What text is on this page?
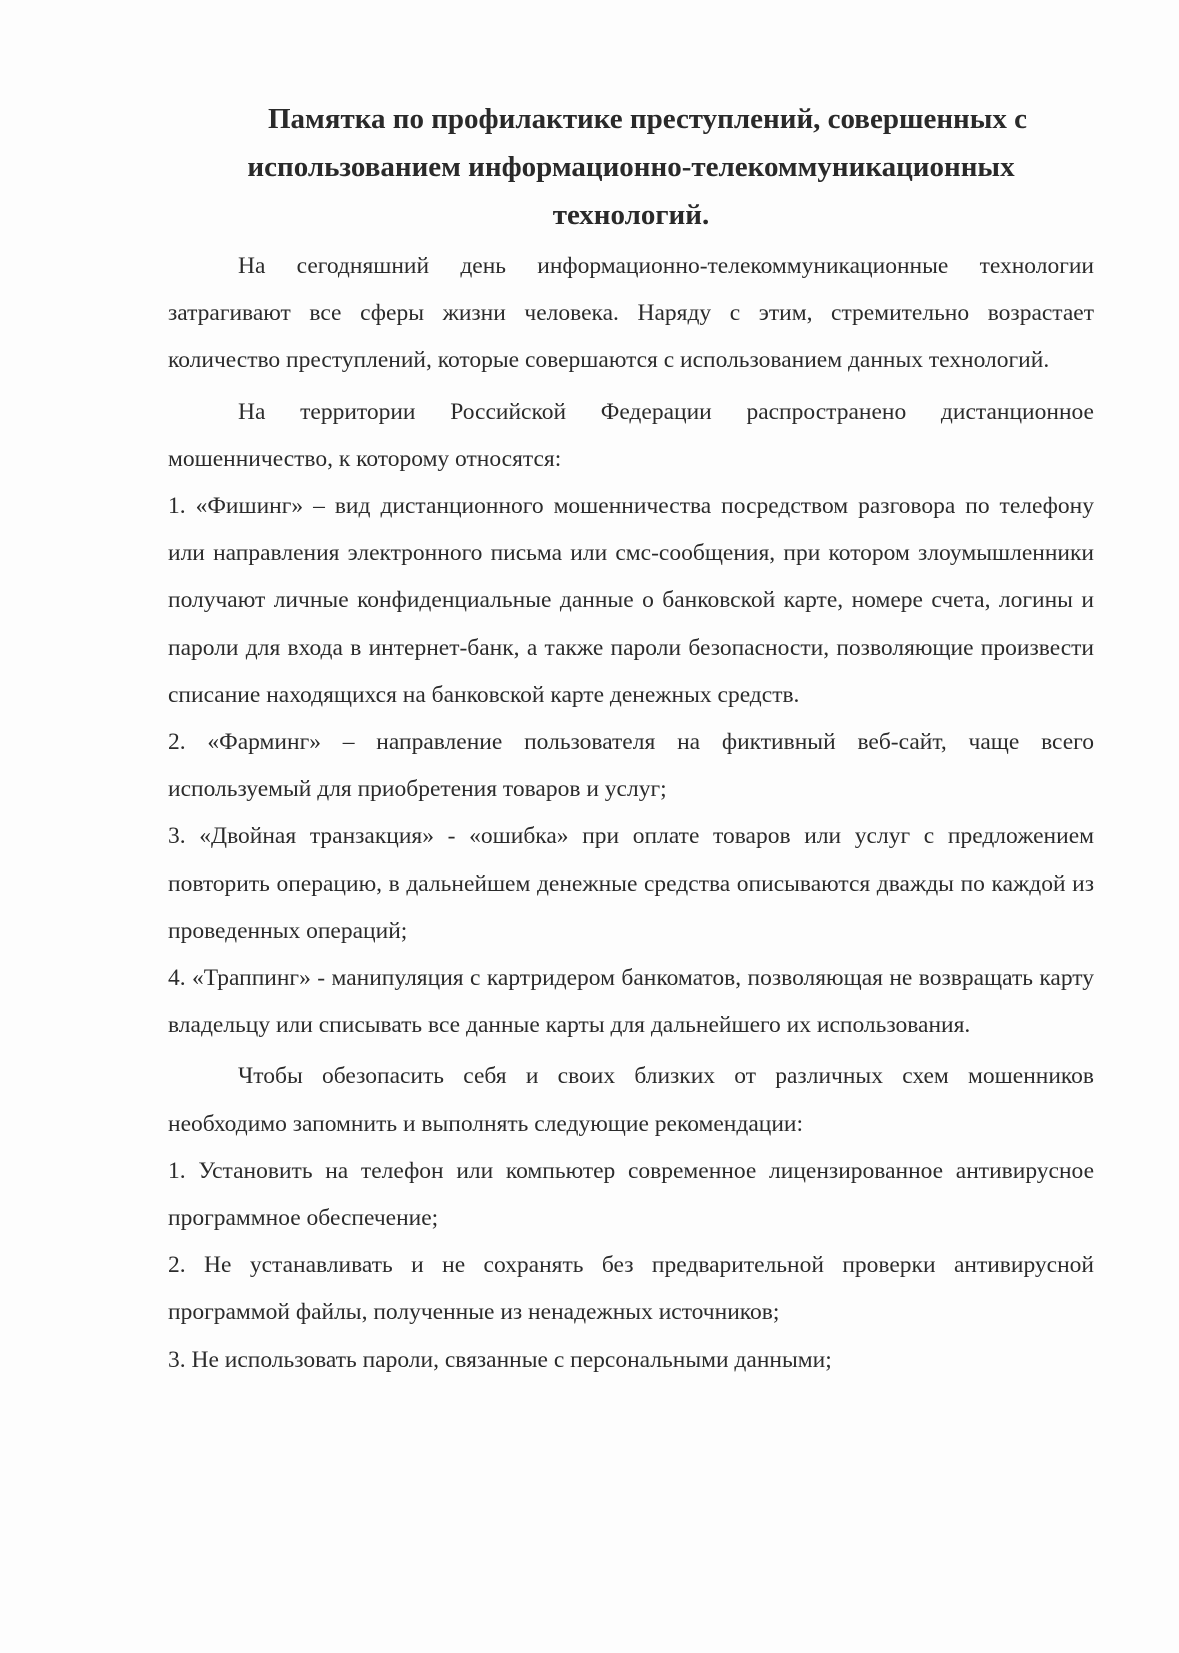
Памятка по профилактике преступлений, совершенных с
использованием информационно-телекоммуникационных
технологий.

На сегодняшний день информационно-телекоммуникационные технологии затрагивают все сферы жизни человека. Наряду с этим, стремительно возрастает количество преступлений, которые совершаются с использованием данных технологий.

На территории Российской Федерации распространено дистанционное мошенничество, к которому относятся:

1. «Фишинг» – вид дистанционного мошенничества посредством разговора по телефону или направления электронного письма или смс-сообщения, при котором злоумышленники получают личные конфиденциальные данные о банковской карте, номере счета, логины и пароли для входа в интернет-банк, а также пароли безопасности, позволяющие произвести списание находящихся на банковской карте денежных средств.

2. «Фарминг» – направление пользователя на фиктивный веб-сайт, чаще всего используемый для приобретения товаров и услуг;

3. «Двойная транзакция» - «ошибка» при оплате товаров или услуг с предложением повторить операцию, в дальнейшем денежные средства описываются дважды по каждой из проведенных операций;

4. «Траппинг» - манипуляция с картридером банкоматов, позволяющая не возвращать карту владельцу или списывать все данные карты для дальнейшего их использования.

Чтобы обезопасить себя и своих близких от различных схем мошенников необходимо запомнить и выполнять следующие рекомендации:

1. Установить на телефон или компьютер современное лицензированное антивирусное программное обеспечение;

2. Не устанавливать и не сохранять без предварительной проверки антивирусной программой файлы, полученные из ненадежных источников;

3. Не использовать пароли, связанные с персональными данными;
